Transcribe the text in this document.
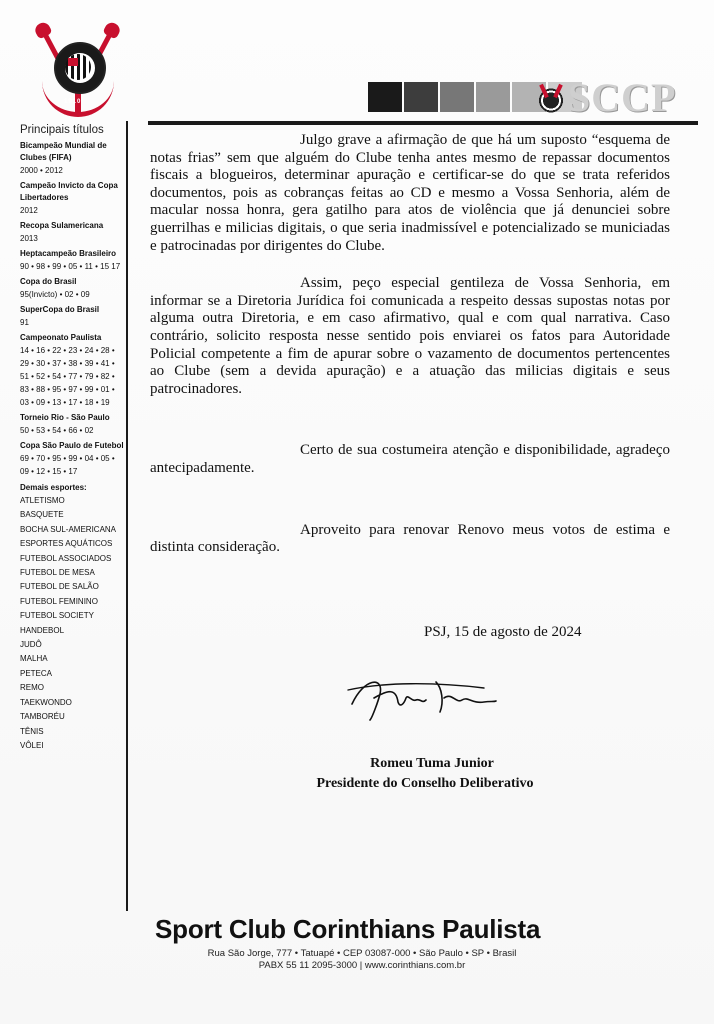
1910	SCCP
Principais títulos
Bicampeão Mundial de Clubes (FIFA)
2000 • 2012
Campeão Invicto da Copa Libertadores
2012
Recopa Sulamericana
2013
Heptacampeão Brasileiro
90 • 98 • 99 • 05 • 11 • 15 17
Copa do Brasil
95(Invicto) • 02 • 09
SuperCopa do Brasil
91
Campeonato Paulista
14 • 16 • 22 • 23 • 24 • 28 • 29 • 30 • 37 • 38 • 39 • 41 • 51 • 52 • 54 • 77 • 79 • 82 • 83 • 88 • 95 • 97 • 99 • 01 • 03 • 09 • 13 • 17 • 18 • 19
Torneio Rio - São Paulo
50 • 53 • 54 • 66 • 02
Copa São Paulo de Futebol
69 • 70 • 95 • 99 • 04 • 05 • 09 • 12 • 15 • 17
Demais esportes:
ATLETISMO
BASQUETE
BOCHA SUL-AMERICANA
ESPORTES AQUÁTICOS
FUTEBOL ASSOCIADOS
FUTEBOL DE MESA
FUTEBOL DE SALÃO
FUTEBOL FEMININO
FUTEBOL SOCIETY
HANDEBOL
JUDÔ
MALHA
PETECA
REMO
TAEKWONDO
TAMBORÉU
TÊNIS
VÔLEI

Julgo grave a afirmação de que há um suposto “esquema de notas frias” sem que alguém do Clube tenha antes mesmo de repassar documentos fiscais a blogueiros, determinar apuração e certificar-se do que se trata referidos documentos, pois as cobranças feitas ao CD e mesmo a Vossa Senhoria, além de macular nossa honra, gera gatilho para atos de violência que já denunciei sobre guerrilhas e milicias digitais, o que seria inadmissível e potencializado se municiadas e patrocinadas por dirigentes do Clube.

Assim, peço especial gentileza de Vossa Senhoria, em informar se a Diretoria Jurídica foi comunicada a respeito dessas supostas notas por alguma outra Diretoria, e em caso afirmativo, qual e com qual narrativa. Caso contrário, solicito resposta nesse sentido pois enviarei os fatos para Autoridade Policial competente a fim de apurar sobre o vazamento de documentos pertencentes ao Clube (sem a devida apuração) e a atuação das milicias digitais e seus patrocinadores.

Certo de sua costumeira atenção e disponibilidade, agradeço antecipadamente.

Aproveito para renovar Renovo meus votos de estima e distinta consideração.

PSJ, 15 de agosto de 2024
Romeu Tuma Junior
Presidente do Conselho Deliberativo
Sport Club Corinthians Paulista
Rua São Jorge, 777 • Tatuapé • CEP 03087-000 • São Paulo • SP • Brasil
PABX 55 11 2095-3000 | www.corinthians.com.br
